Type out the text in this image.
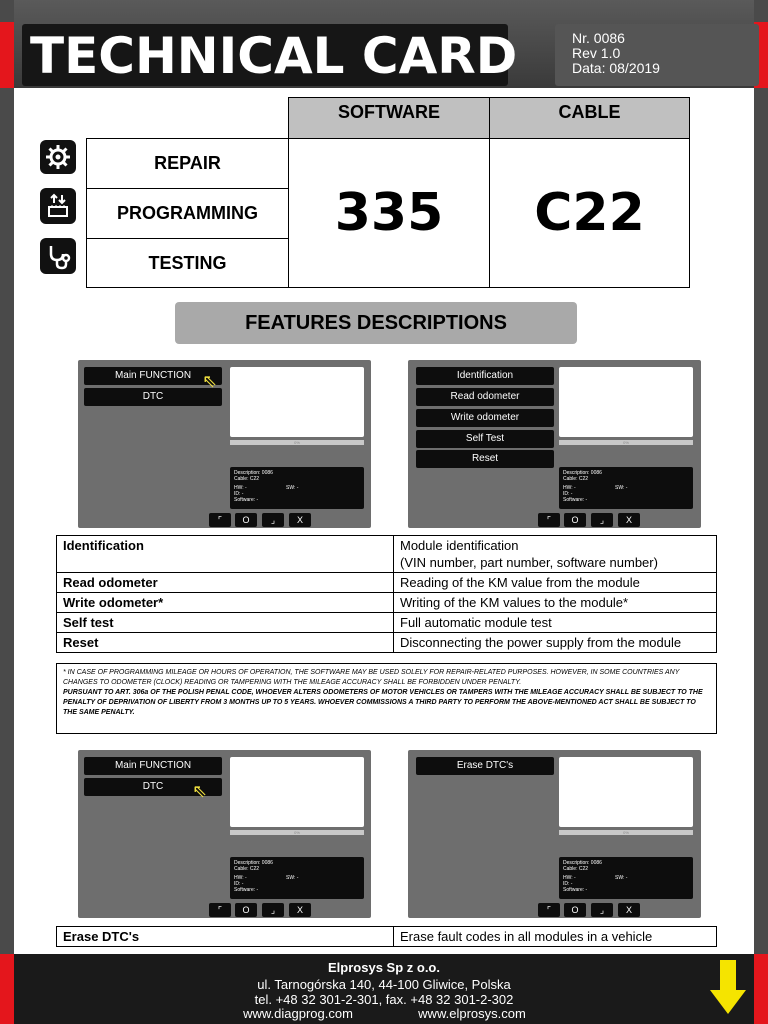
TECHNICAL CARD	Nr. 0086
Rev 1.0
Data: 08/2019
SOFTWARE	CABLE
REPAIR
PROGRAMMING
TESTING
335	C22
FEATURES DESCRIPTIONS
Main FUNCTION
DTC
⇖
0%
Description: 0086
Cable: C22
HW: -	SW: -
ID: -
Software: -
⌜	O	⌟	X
Identification
Read odometer
Write odometer
Self Test
Reset
0%
Description: 0086
Cable: C22
HW: -	SW: -
ID: -
Software: -
⌜	O	⌟	X
Identification	Module identification
(VIN number, part number, software number)
Read odometer	Reading of the KM value from the module
Write odometer*	Writing of the KM values to the module*
Self test	Full automatic module test
Reset	Disconnecting the power supply from the module
* IN CASE OF PROGRAMMING MILEAGE OR HOURS OF OPERATION, THE SOFTWARE MAY BE USED SOLELY FOR REPAIR-RELATED PURPOSES. HOWEVER, IN SOME COUNTRIES ANY CHANGES TO ODOMETER (CLOCK) READING OR TAMPERING WITH THE MILEAGE ACCURACY SHALL BE FORBIDDEN UNDER PENALTY.
PURSUANT TO ART. 306a OF THE POLISH PENAL CODE, WHOEVER ALTERS ODOMETERS OF MOTOR VEHICLES OR TAMPERS WITH THE MILEAGE ACCURACY SHALL BE SUBJECT TO THE PENALTY OF DEPRIVATION OF LIBERTY FROM 3 MONTHS UP TO 5 YEARS. WHOEVER COMMISSIONS A THIRD PARTY TO PERFORM THE ABOVE-MENTIONED ACT SHALL BE SUBJECT TO THE SAME PENALTY.
Main FUNCTION
DTC	⇖
0%
Description: 0086
Cable: C22
HW: -	SW: -
ID: -
Software: -
⌜	O	⌟	X
Erase DTC's
0%
Description: 0086
Cable: C22
HW: -	SW: -
ID: -
Software: -
⌜	O	⌟	X
Erase DTC's	Erase fault codes in all modules in a vehicle
Elprosys Sp z o.o.
ul. Tarnogórska 140, 44-100 Gliwice, Polska
tel. +48 32 301-2-301, fax. +48 32 301-2-302
www.diagprog.com	www.elprosys.com
